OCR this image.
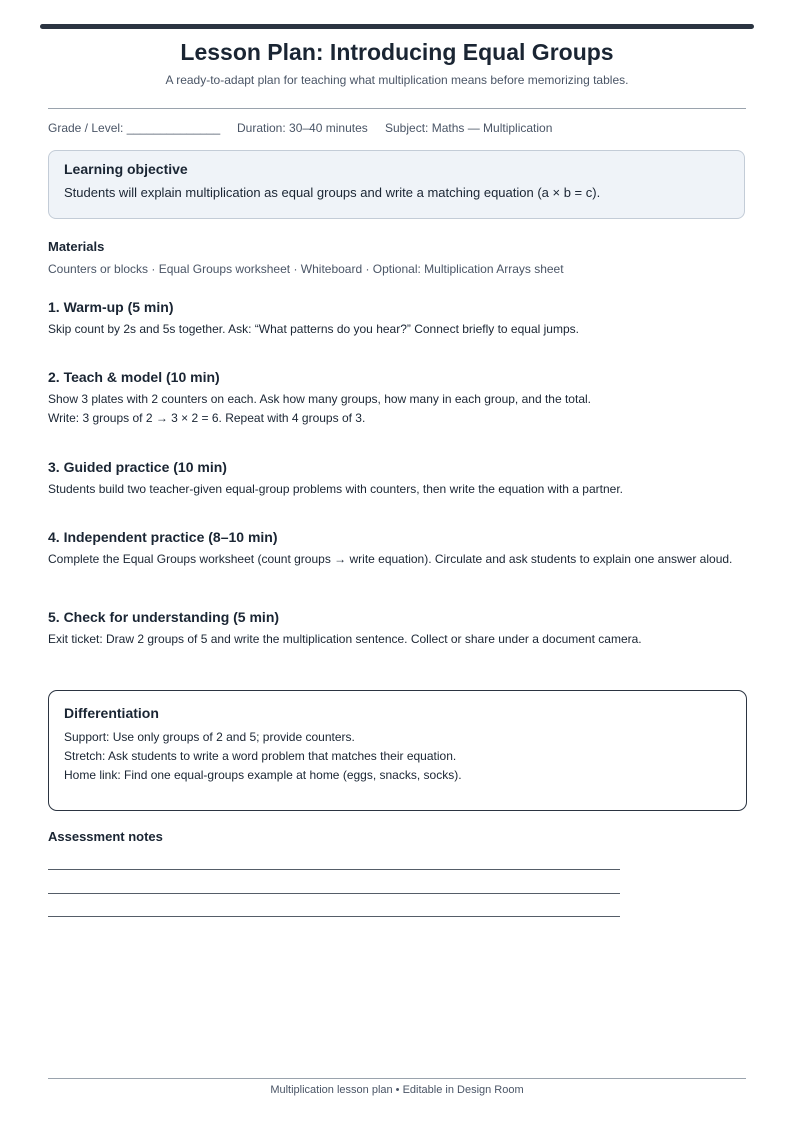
Lesson Plan: Introducing Equal Groups
A ready-to-adapt plan for teaching what multiplication means before memorizing tables.
Grade / Level: ______________ Duration: 30–40 minutes Subject: Maths — Multiplication
Learning objective
Students will explain multiplication as equal groups and write a matching equation (a × b = c).
Materials
Counters or blocks · Equal Groups worksheet · Whiteboard · Optional: Multiplication Arrays sheet
1. Warm-up (5 min)
Skip count by 2s and 5s together. Ask: “What patterns do you hear?” Connect briefly to equal jumps.
2. Teach & model (10 min)
Show 3 plates with 2 counters on each. Ask how many groups, how many in each group, and the total.
Write: 3 groups of 2 → 3 × 2 = 6. Repeat with 4 groups of 3.
3. Guided practice (10 min)
Students build two teacher-given equal-group problems with counters, then write the equation with a partner.
4. Independent practice (8–10 min)
Complete the Equal Groups worksheet (count groups → write equation). Circulate and ask students to explain one answer aloud.
5. Check for understanding (5 min)
Exit ticket: Draw 2 groups of 5 and write the multiplication sentence. Collect or share under a document camera.
Differentiation
Support: Use only groups of 2 and 5; provide counters.
Stretch: Ask students to write a word problem that matches their equation.
Home link: Find one equal-groups example at home (eggs, snacks, socks).
Assessment notes
Multiplication lesson plan • Editable in Design Room
